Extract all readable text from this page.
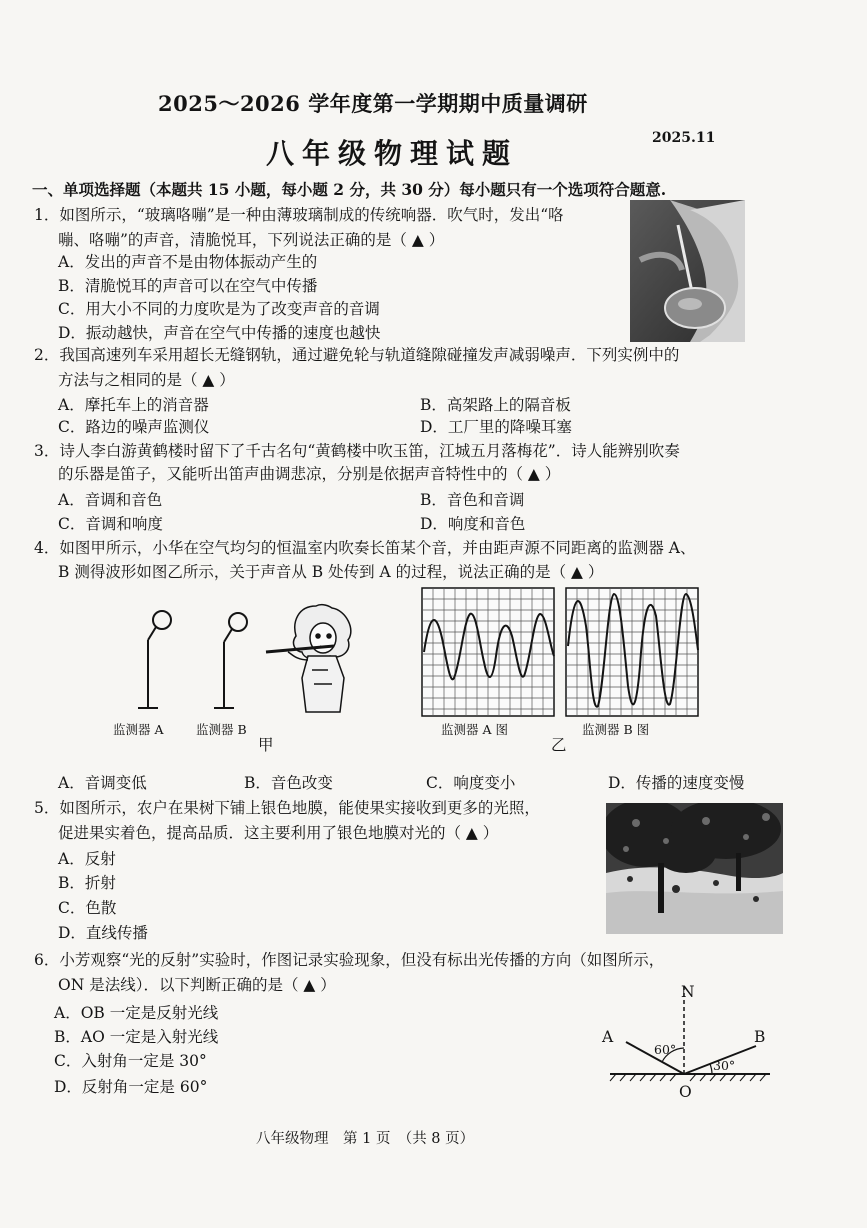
2025～2026 学年度第一学期期中质量调研
八年级物理试题	2025.11
一、单项选择题（本题共 15 小题，每小题 2 分，共 30 分）每小题只有一个选项符合题意.
1．如图所示，“玻璃咯嘣”是一种由薄玻璃制成的传统响器．吹气时，发出“咯
嘣、咯嘣”的声音，清脆悦耳，下列说法正确的是（ ▲ ）
A．发出的声音不是由物体振动产生的
B．清脆悦耳的声音可以在空气中传播
C．用大小不同的力度吹是为了改变声音的音调
D．振动越快，声音在空气中传播的速度也越快
2．我国高速列车采用超长无缝钢轨，通过避免轮与轨道缝隙碰撞发声减弱噪声．下列实例中的
方法与之相同的是（ ▲ ）
A．摩托车上的消音器	B．高架路上的隔音板
C．路边的噪声监测仪	D．工厂里的降噪耳塞
3．诗人李白游黄鹤楼时留下了千古名句“黄鹤楼中吹玉笛，江城五月落梅花”．诗人能辨别吹奏
的乐器是笛子，又能听出笛声曲调悲凉，分别是依据声音特性中的（ ▲ ）
A．音调和音色	B．音色和音调
C．音调和响度	D．响度和音色
4．如图甲所示，小华在空气均匀的恒温室内吹奏长笛某个音，并由距声源不同距离的监测器 A、
B 测得波形如图乙所示，关于声音从 B 处传到 A 的过程，说法正确的是（ ▲ ）
监测器 A	监测器 B
甲
监测器 A 图	监测器 B 图
乙
A．音调变低	B．音色改变	C．响度变小	D．传播的速度变慢
5．如图所示，农户在果树下铺上银色地膜，能使果实接收到更多的光照，
促进果实着色，提高品质．这主要利用了银色地膜对光的（ ▲ ）
A．反射
B．折射
C．色散
D．直线传播
6．小芳观察“光的反射”实验时，作图记录实验现象，但没有标出光传播的方向（如图所示，
ON 是法线）．以下判断正确的是（ ▲ ）
A．OB 一定是反射光线
B．AO 一定是入射光线
C．入射角一定是 30°
D．反射角一定是 60°
N
A	B
O
60°
30°
八年级物理　第 1 页　（共 8 页）
